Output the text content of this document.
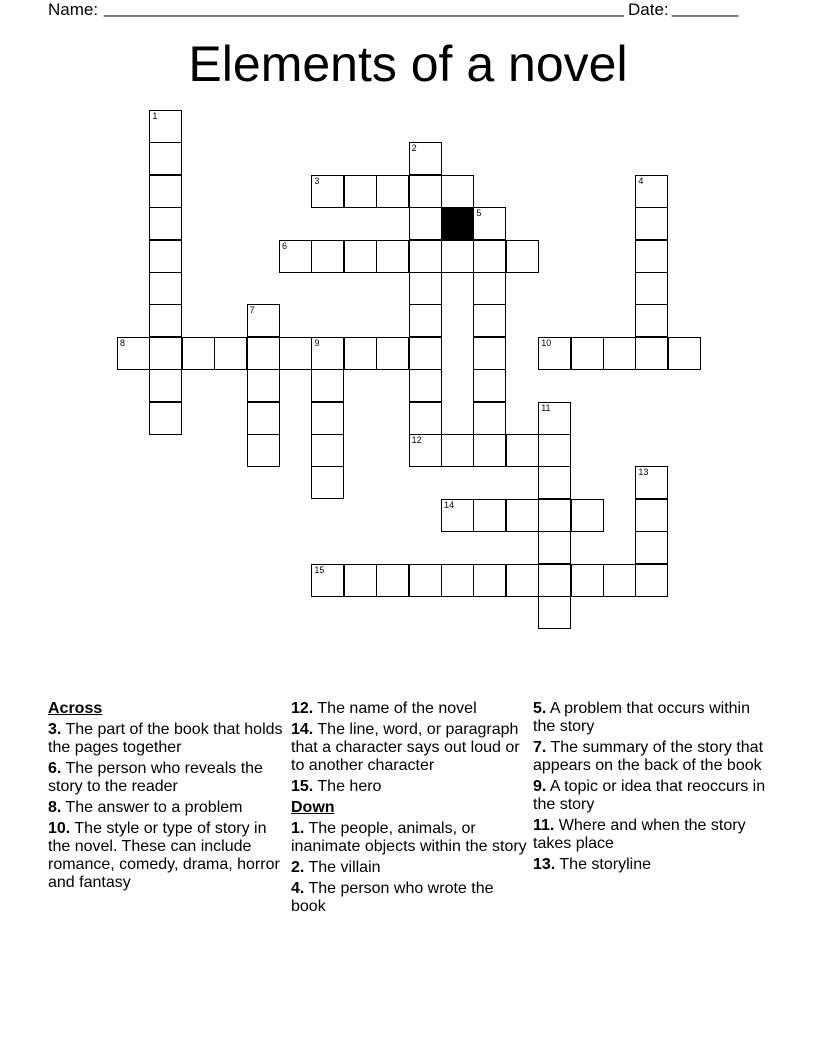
Name: _______________________________________________________ Date: _______
Elements of a novel
1
2
12
3	4
5
6
7
8	9	10
11
13
14
15
Across
3. The part of the book that holds the pages together
6. The person who reveals the story to the reader
8. The answer to a problem
10. The style or type of story in the novel. These can include romance, comedy, drama, horror and fantasy
12. The name of the novel
14. The line, word, or paragraph that a character says out loud or to another character
15. The hero
Down
1. The people, animals, or inanimate objects within the story
2. The villain
4. The person who wrote the book
5. A problem that occurs within the story
7. The summary of the story that appears on the back of the book
9. A topic or idea that reoccurs in the story
11. Where and when the story takes place
13. The storyline
